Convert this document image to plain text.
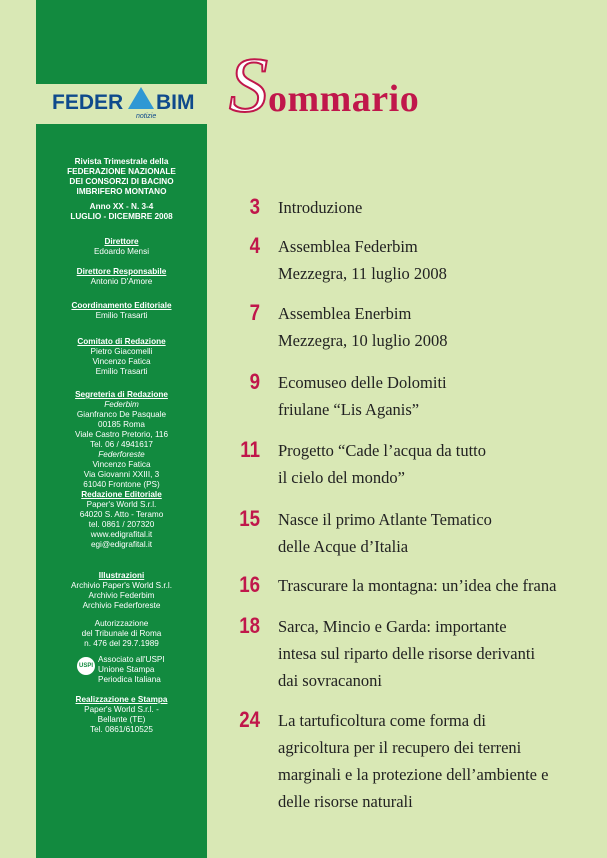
Rivista Trimestrale della
FEDERAZIONE NAZIONALE
DEI CONSORZI DI BACINO
IMBRIFERO MONTANO
Anno XX - N. 3-4
LUGLIO - DICEMBRE 2008
Direttore
Edoardo Mensi
Direttore Responsabile
Antonio D'Amore
Coordinamento Editoriale
Emilio Trasarti
Comitato di Redazione
Pietro Giacomelli
Vincenzo Fatica
Emilio Trasarti
Segreteria di Redazione
Federbim
Gianfranco De Pasquale
00185 Roma
Viale Castro Pretorio, 116
Tel. 06 / 4941617
Federforeste
Vincenzo Fatica
Via Giovanni XXIII, 3
61040 Frontone (PS)
Redazione Editoriale
Paper's World S.r.l.
64020 S. Atto - Teramo
tel. 0861 / 207320
www.edigrafital.it
egi@edigrafital.it
Illustrazioni
Archivio Paper's World S.r.l.
Archivio Federbim
Archivio Federforeste
Autorizzazione
del Tribunale di Roma
n. 476 del 29.7.1989
USPI
Associato all'USPI
Unione Stampa
Periodica Italiana
Realizzazione e Stampa
Paper's World S.r.l. -
Bellante (TE)
Tel. 0861/610525
FEDER BIM
notizie Sommario
3 Introduzione
4 Assemblea Federbim
Mezzegra, 11 luglio 2008
7 Assemblea Enerbim
Mezzegra, 10 luglio 2008
9 Ecomuseo delle Dolomiti
friulane “Lis Aganis”
11 Progetto “Cade l’acqua da tutto
il cielo del mondo”
15 Nasce il primo Atlante Tematico
delle Acque d’Italia
16 Trascurare la montagna: un’idea che frana
18 Sarca, Mincio e Garda: importante
intesa sul riparto delle risorse derivanti
dai sovracanoni
24 La tartuficoltura come forma di
agricoltura per il recupero dei terreni
marginali e la protezione dell’ambiente e
delle risorse naturali
